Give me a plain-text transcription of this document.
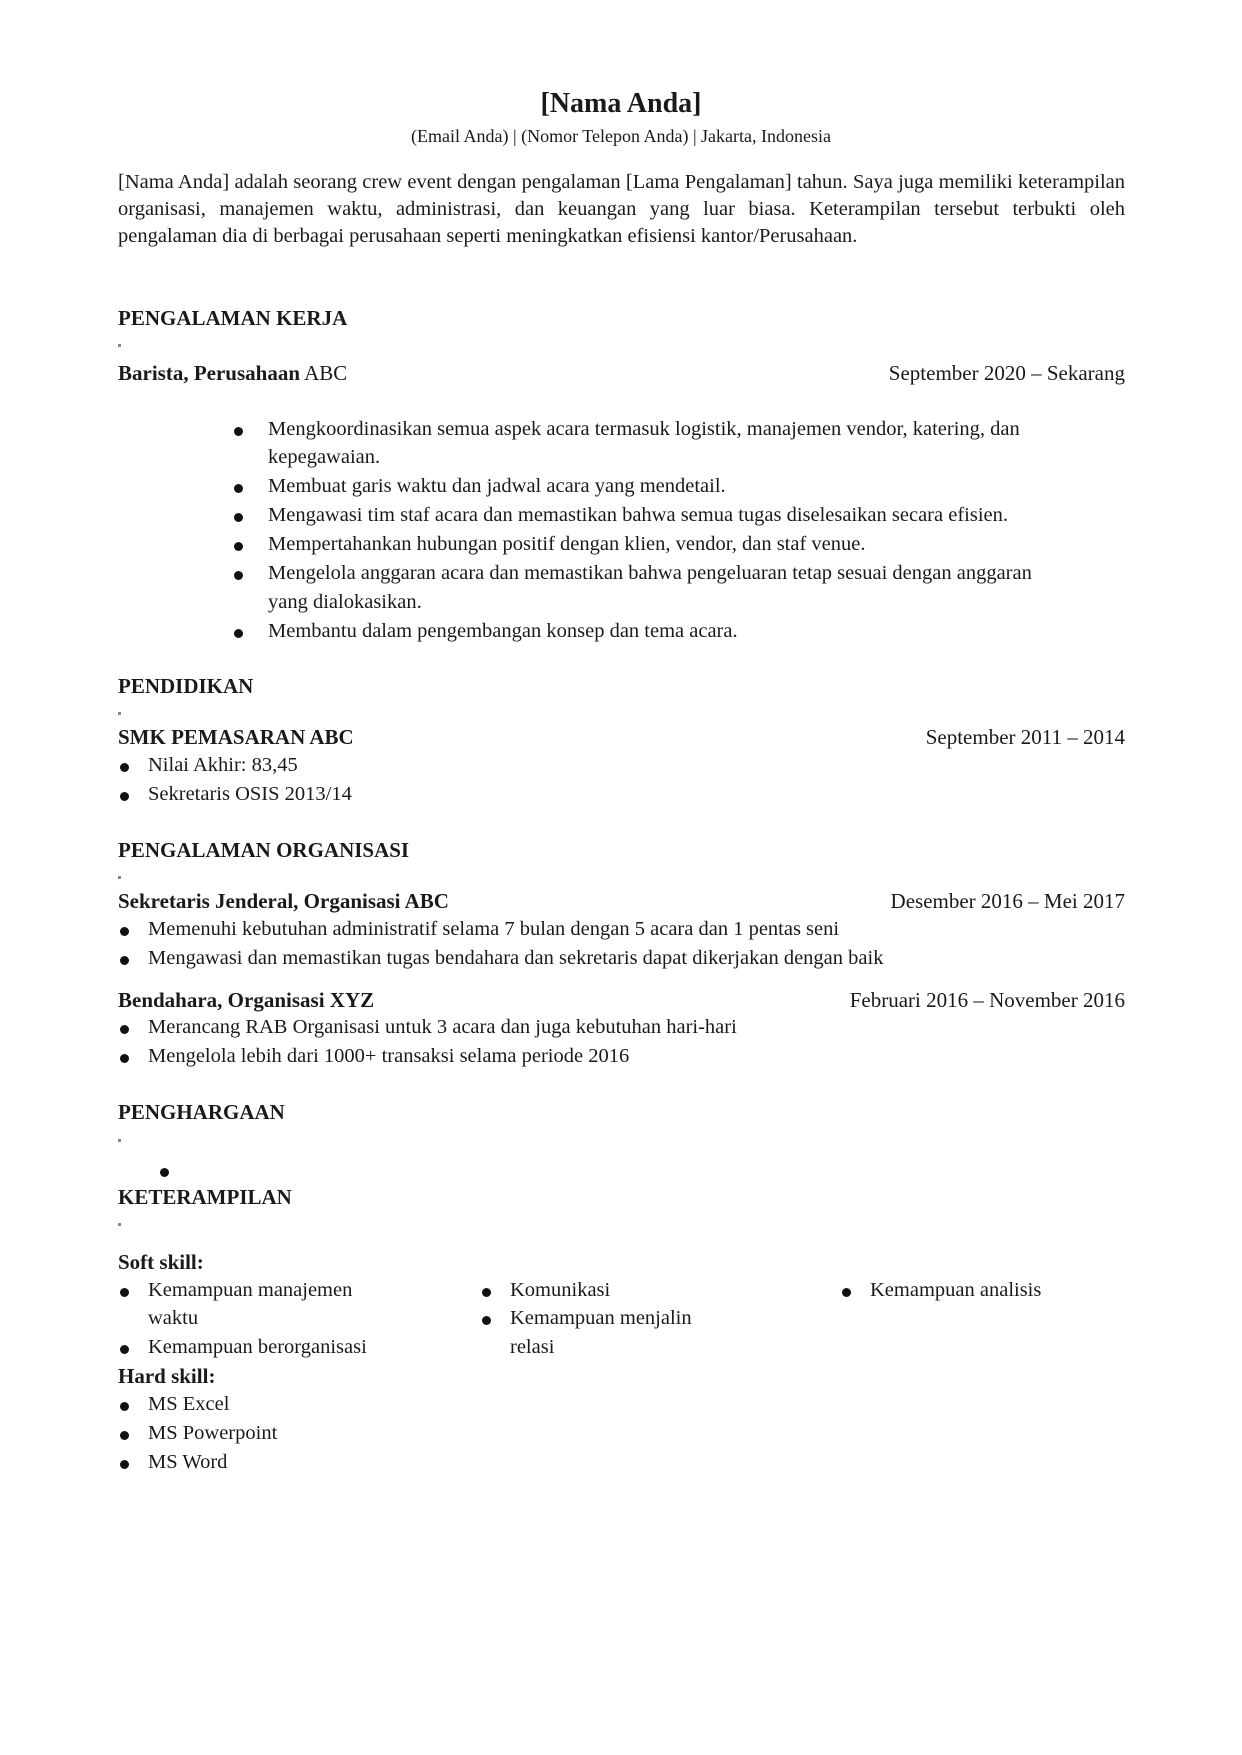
[Nama Anda]
(Email Anda) | (Nomor Telepon Anda) | Jakarta, Indonesia
[Nama Anda] adalah seorang crew event dengan pengalaman [Lama Pengalaman] tahun. Saya juga memiliki keterampilan organisasi, manajemen waktu, administrasi, dan keuangan yang luar biasa. Keterampilan tersebut terbukti oleh pengalaman dia di berbagai perusahaan seperti meningkatkan efisiensi kantor/Perusahaan.
PENGALAMAN KERJA
Barista, Perusahaan ABC	September 2020 – Sekarang
Mengkoordinasikan semua aspek acara termasuk logistik, manajemen vendor, katering, dan
kepegawaian.
Membuat garis waktu dan jadwal acara yang mendetail.
Mengawasi tim staf acara dan memastikan bahwa semua tugas diselesaikan secara efisien.
Mempertahankan hubungan positif dengan klien, vendor, dan staf venue.
Mengelola anggaran acara dan memastikan bahwa pengeluaran tetap sesuai dengan anggaran
yang dialokasikan.
Membantu dalam pengembangan konsep dan tema acara.
PENDIDIKAN
SMK PEMASARAN ABC	September 2011 – 2014
Nilai Akhir: 83,45
Sekretaris OSIS 2013/14
PENGALAMAN ORGANISASI
Sekretaris Jenderal, Organisasi ABC	Desember 2016 – Mei 2017
Memenuhi kebutuhan administratif selama 7 bulan dengan 5 acara dan 1 pentas seni
Mengawasi dan memastikan tugas bendahara dan sekretaris dapat dikerjakan dengan baik
Bendahara, Organisasi XYZ	Februari 2016 – November 2016
Merancang RAB Organisasi untuk 3 acara dan juga kebutuhan hari-hari
Mengelola lebih dari 1000+ transaksi selama periode 2016
PENGHARGAAN
KETERAMPILAN
Soft skill:
Kemampuan manajemen
waktu
Kemampuan berorganisasi
Komunikasi
Kemampuan menjalin
relasi
Kemampuan analisis
Hard skill:
MS Excel
MS Powerpoint
MS Word
